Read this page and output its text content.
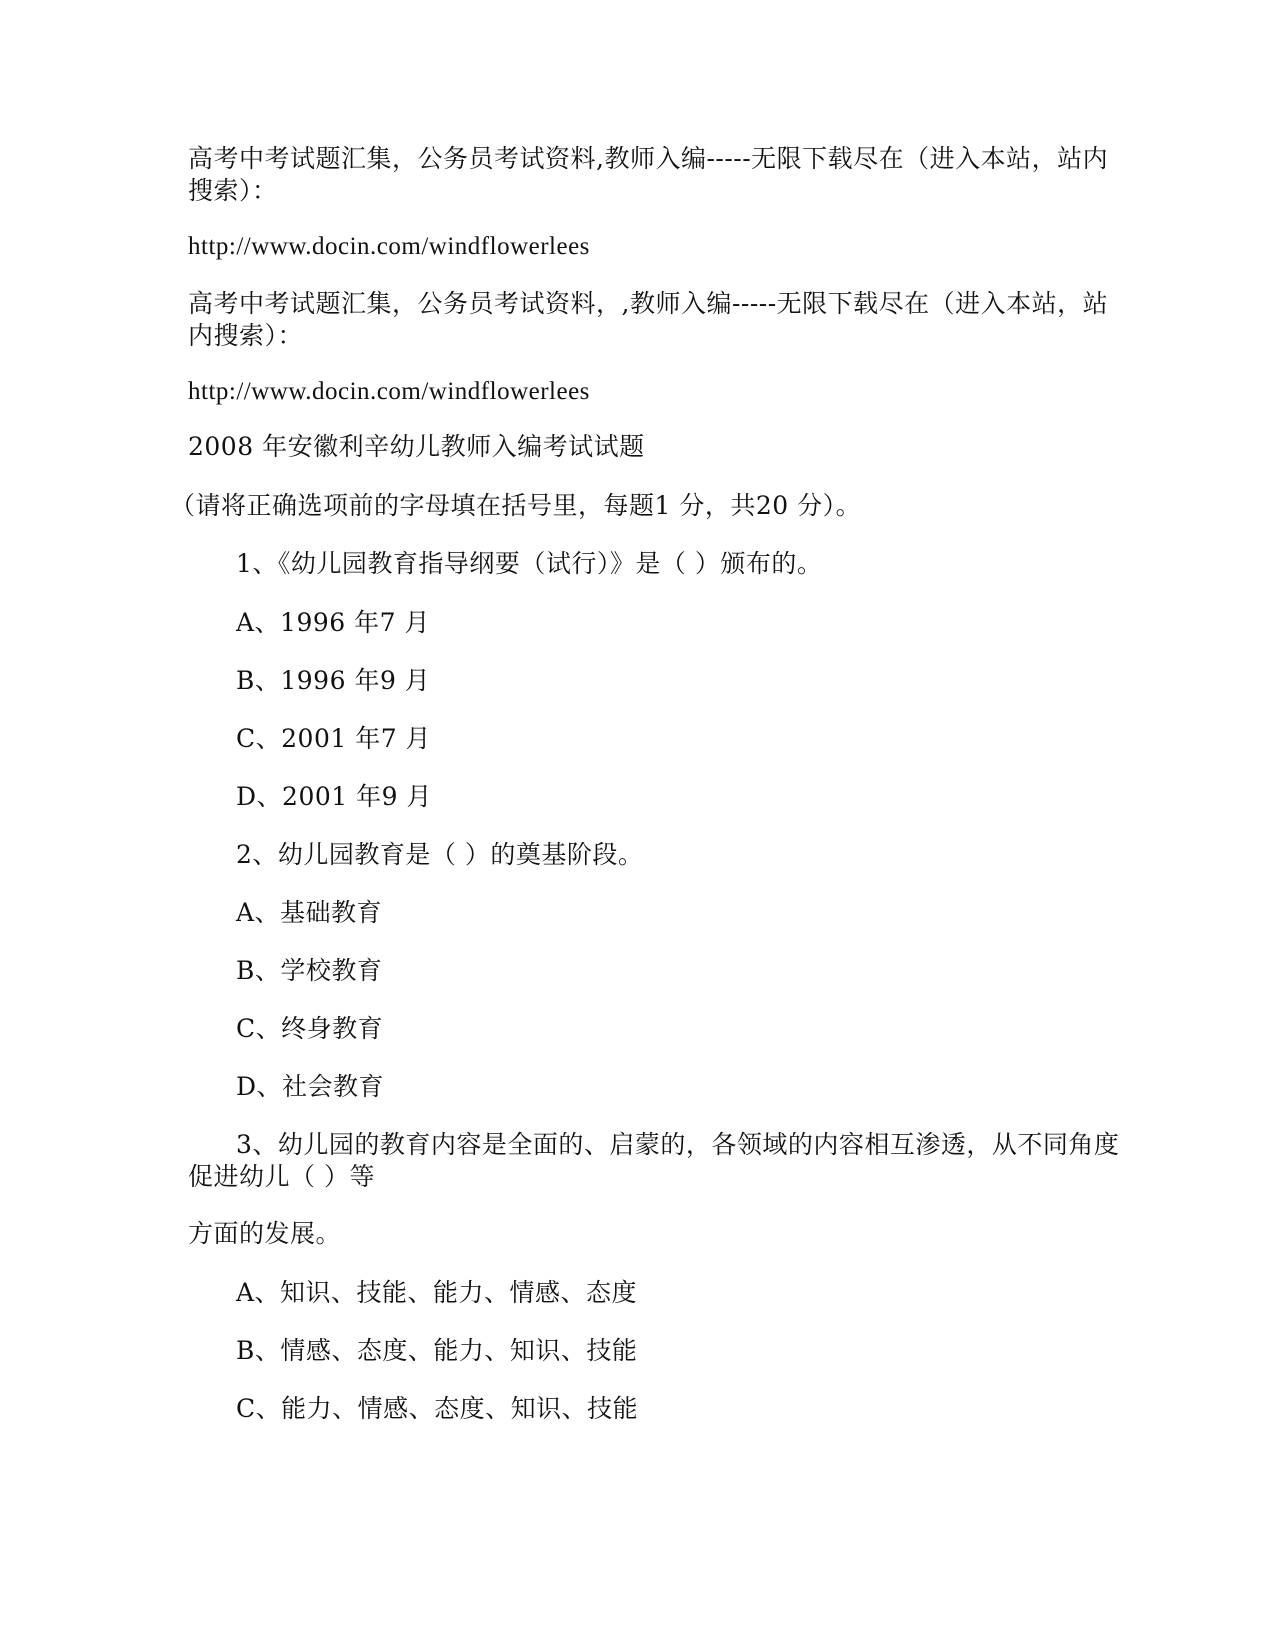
高考中考试题汇集，公务员考试资料,教师入编-----无限下载尽在（进入本站，站内
搜索）：
http://www.docin.com/windflowerlees
高考中考试题汇集，公务员考试资料，,教师入编-----无限下载尽在（进入本站，站
内搜索）：
http://www.docin.com/windflowerlees
2008 年安徽利辛幼儿教师入编考试试题
（请将正确选项前的字母填在括号里，每题1 分，共20 分）。
1、《幼儿园教育指导纲要（试行）》是（ ）颁布的。
A、1996 年7 月
B、1996 年9 月
C、2001 年7 月
D、2001 年9 月
2、幼儿园教育是（ ）的奠基阶段。
A、基础教育
B、学校教育
C、终身教育
D、社会教育
3、幼儿园的教育内容是全面的、启蒙的，各领域的内容相互渗透，从不同角度
促进幼儿（ ）等
方面的发展。
A、知识、技能、能力、情感、态度
B、情感、态度、能力、知识、技能
C、能力、情感、态度、知识、技能
